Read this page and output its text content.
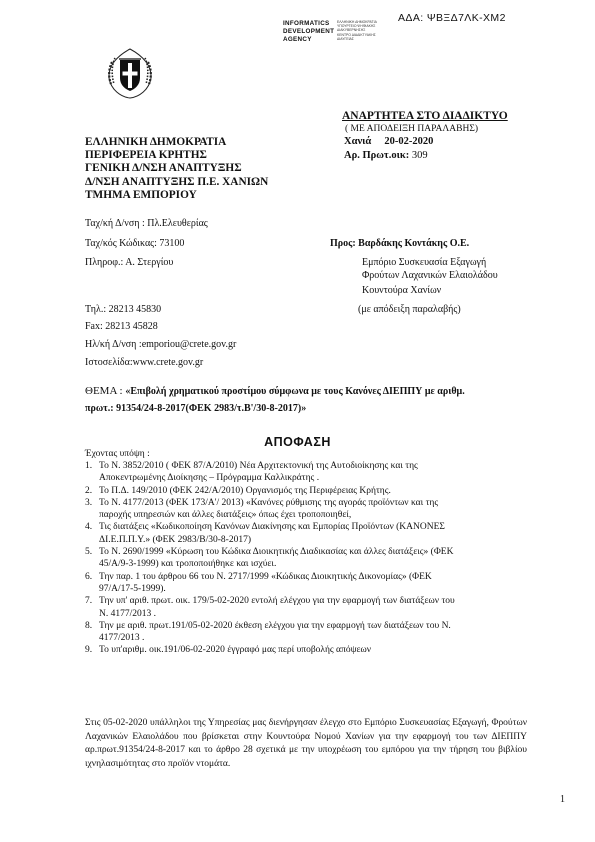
ΑΔΑ: ΨΒΞΔ7ΛΚ-ΧΜ2
INFORMATICS
DEVELOPMENT
AGENCY
ΕΛΛΗΝΙΚΗ ΔΗΜΟΚΡΑΤΙΑ
ΥΠΟΥΡΓΕΙΟ ΨΗΦΙΑΚΗΣ
ΔΙΑΚΥΒΕΡΝΗΣΗΣ
ΚΕΝΤΡΟ ΔΙΑΔΙΚΤΥΑΚΗΣ
ΔΙΑΥΓΕΙΑΣ
ΑΝΑΡΤΗΤΕΑ ΣΤΟ ΔΙΑΔΙΚΤΥΟ
( ΜΕ ΑΠΟΔΕΙΞΗ ΠΑΡΑΛΑΒΗΣ)
Χανιά 20-02-2020
Αρ. Πρωτ.οικ: 309
ΕΛΛΗΝΙΚΗ ΔΗΜΟΚΡΑΤΙΑ
ΠΕΡΙΦΕΡΕΙΑ ΚΡΗΤΗΣ
ΓΕΝΙΚΗ Δ/ΝΣΗ ΑΝΑΠΤΥΞΗΣ
Δ/ΝΣΗ ΑΝΑΠΤΥΞΗΣ Π.Ε. ΧΑΝΙΩΝ
ΤΜΗΜΑ ΕΜΠΟΡΙΟΥ
Ταχ/κή Δ/νση : Πλ.Ελευθερίας
Ταχ/κός Κώδικας: 73100
Πληροφ.: Α. Στεργίου
Τηλ.: 28213 45830
Fax: 28213 45828
Ηλ/κή Δ/νση :emporiou@crete.gov.gr
Ιστοσελίδα:www.crete.gov.gr
Προς: Βαρδάκης Κοντάκης Ο.Ε.
Εμπόριο Συσκευασία Εξαγωγή
Φρούτων Λαχανικών Ελαιολάδου
Κουντούρα Χανίων
(με απόδειξη παραλαβής)
ΘΕΜΑ : «Επιβολή χρηματικού προστίμου σύμφωνα με τους Κανόνες ΔΙΕΠΠΥ με αριθμ.
πρωτ.: 91354/24-8-2017(ΦΕΚ 2983/τ.Β'/30-8-2017)»
ΑΠΟΦΑΣΗ
Έχοντας υπόψη :
1. Το Ν. 3852/2010 ( ΦΕΚ 87/Α/2010) Νέα Αρχιτεκτονική της Αυτοδιοίκησης και της
Αποκεντρωμένης Διοίκησης – Πρόγραμμα Καλλικράτης .
2. Το Π.Δ. 149/2010 (ΦΕΚ 242/Α/2010) Οργανισμός της Περιφέρειας Κρήτης.
3. Το Ν. 4177/2013 (ΦΕΚ 173/Α'/ 2013) «Κανόνες ρύθμισης της αγοράς προϊόντων και της
παροχής υπηρεσιών και άλλες διατάξεις» όπως έχει τροποποιηθεί,
4. Τις διατάξεις «Κωδικοποίηση Κανόνων Διακίνησης και Εμπορίας Προϊόντων (ΚΑΝΟΝΕΣ
ΔΙ.Ε.Π.Π.Υ.» (ΦΕΚ 2983/Β/30-8-2017)
5. Το Ν. 2690/1999 «Κύρωση του Κώδικα Διοικητικής Διαδικασίας και άλλες διατάξεις» (ΦΕΚ
45/Α/9-3-1999) και τροποποιήθηκε και ισχύει.
6. Την παρ. 1 του άρθρου 66 του Ν. 2717/1999 «Κώδικας Διοικητικής Δικονομίας» (ΦΕΚ
97/Α/17-5-1999).
7. Την υπ' αριθ. πρωτ. οικ. 179/5-02-2020 εντολή ελέγχου για την εφαρμογή των διατάξεων του
Ν. 4177/2013 .
8. Την με αριθ. πρωτ.191/05-02-2020 έκθεση ελέγχου για την εφαρμογή των διατάξεων του Ν.
4177/2013 .
9. Το υπ'αριθμ. οικ.191/06-02-2020 έγγραφό μας περί υποβολής απόψεων
Στις 05-02-2020 υπάλληλοι της Υπηρεσίας μας διενήργησαν έλεγχο στο Εμπόριο Συσκευασίας Εξαγωγή, Φρούτων Λαχανικών Ελαιολάδου που βρίσκεται στην Κουντούρα Νομού Χανίων για την εφαρμογή του των ΔΙΕΠΠΥ αρ.πρωτ.91354/24-8-2017 και το άρθρο 28 σχετικά με την υποχρέωση του εμπόρου για την τήρηση του βιβλίου ιχνηλασιμότητας στο προϊόν ντομάτα.
1
